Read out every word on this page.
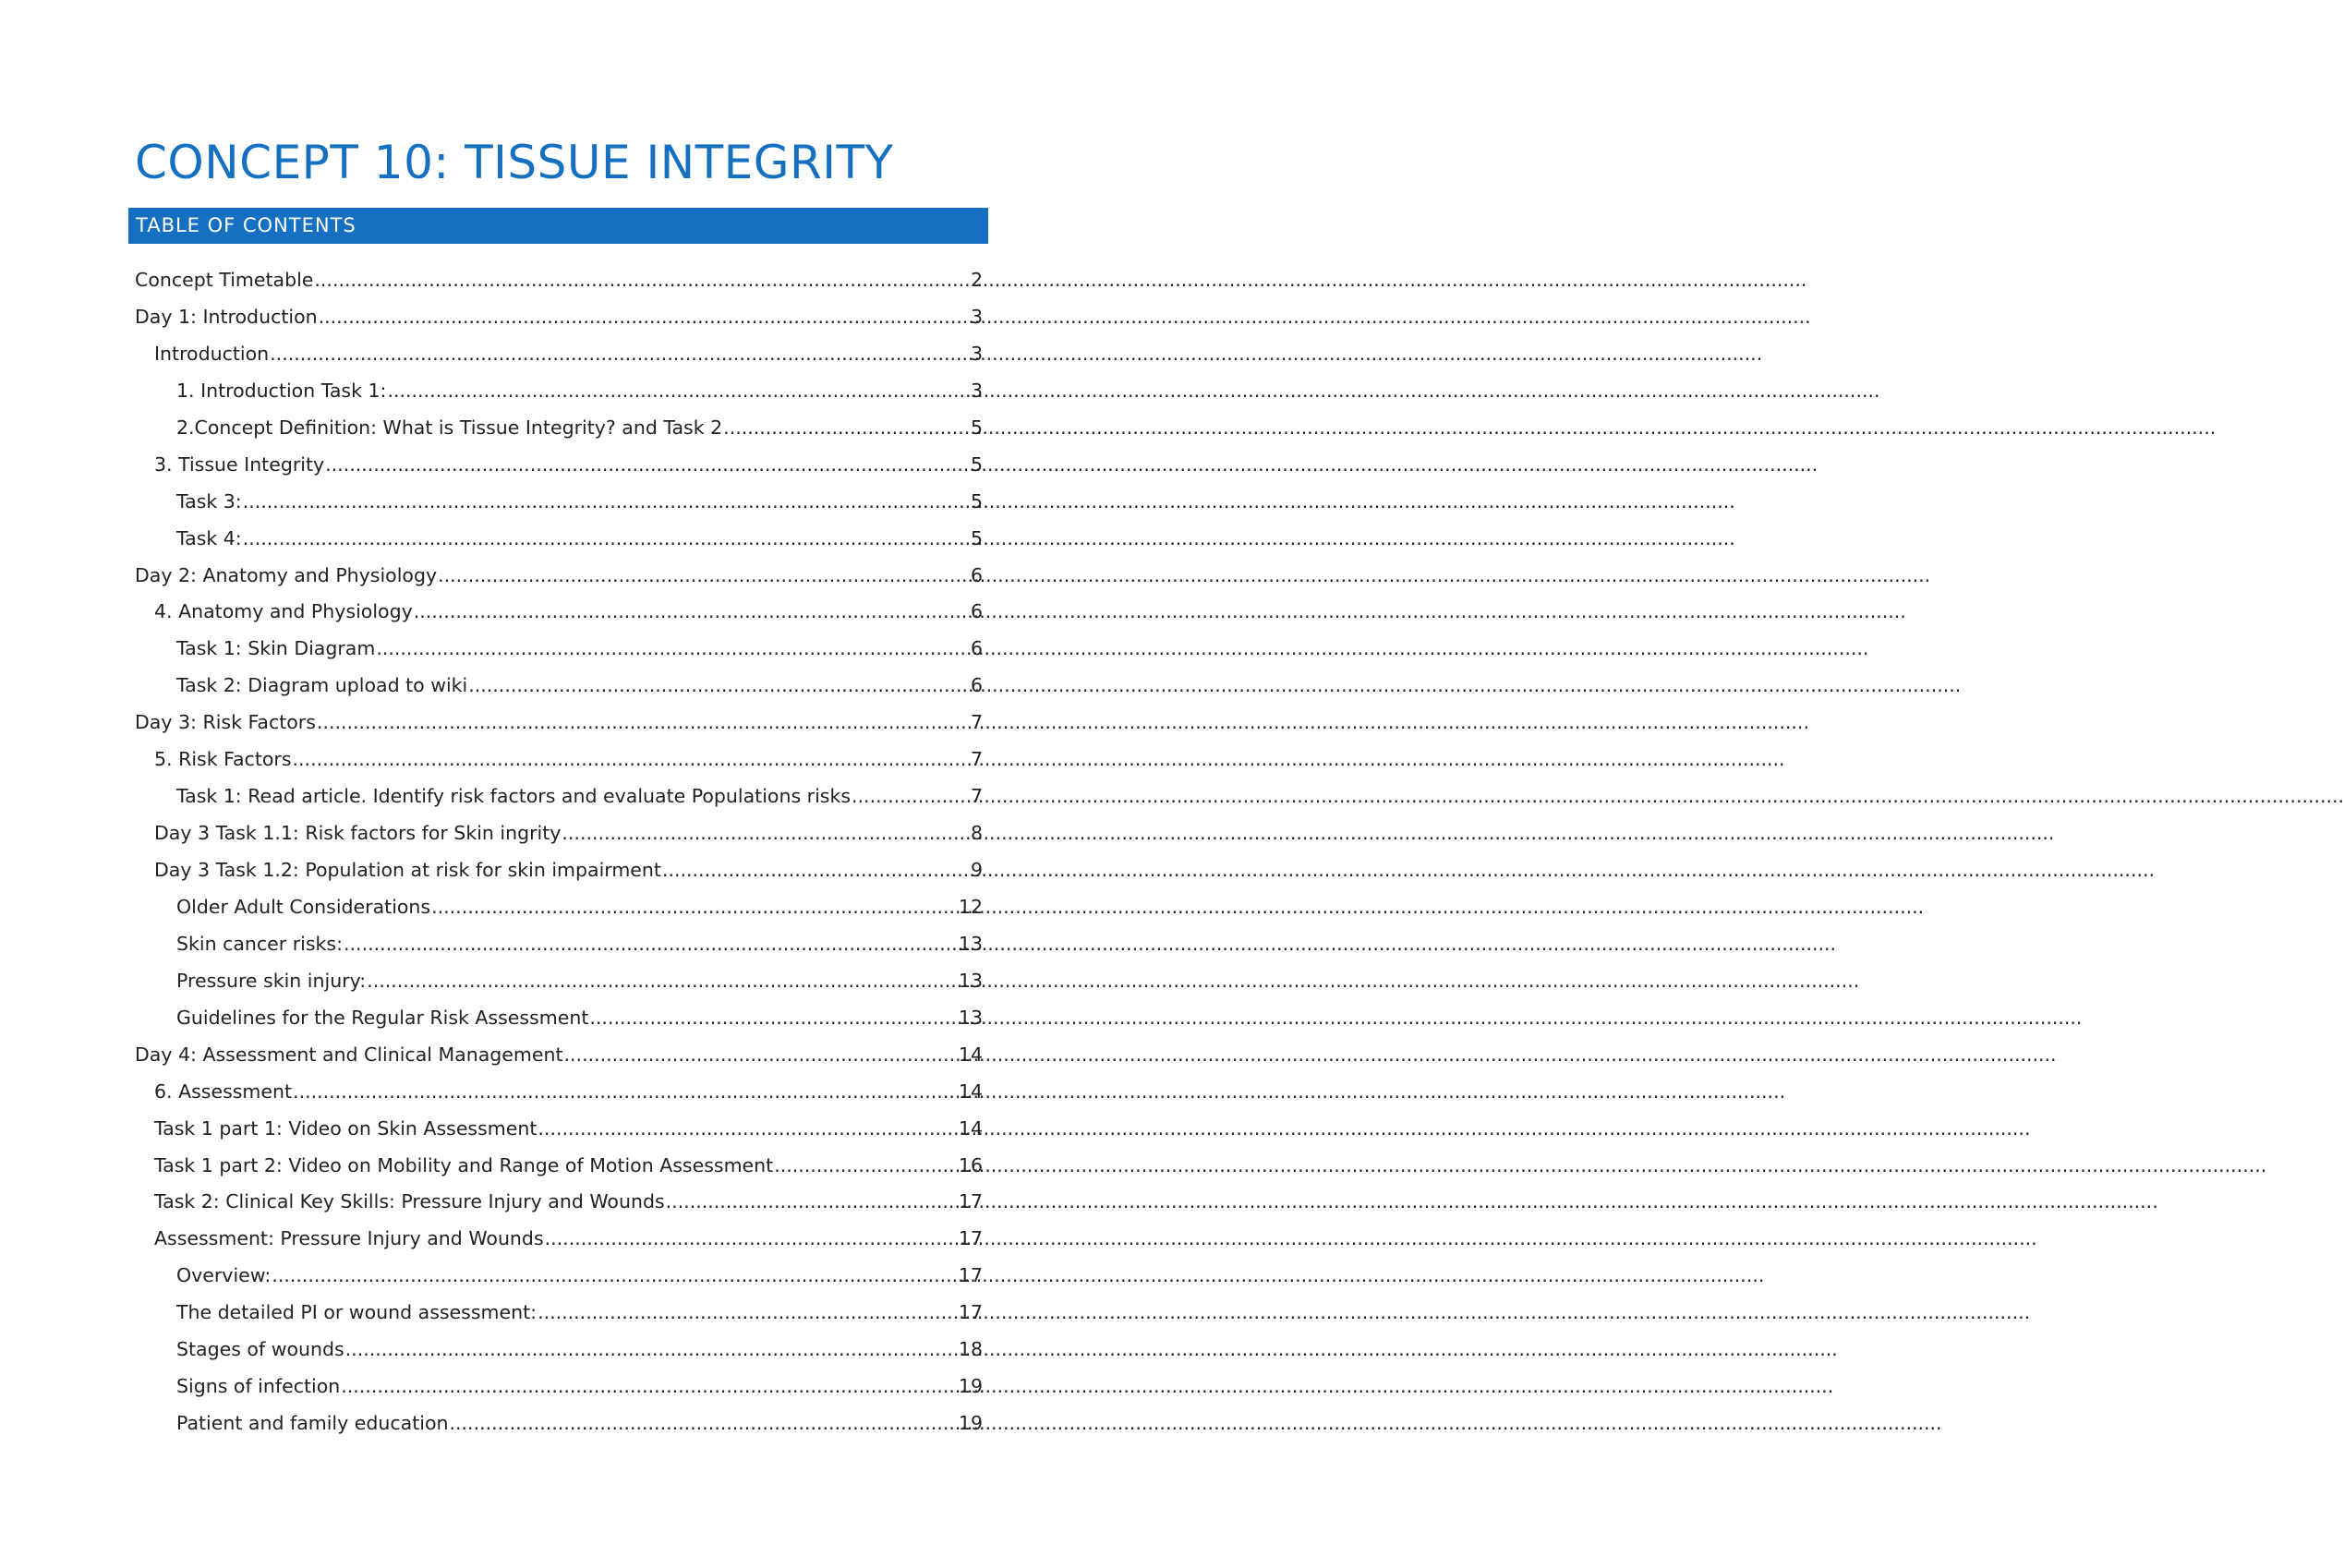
CONCEPT 10: TISSUE INTEGRITY
TABLE OF CONTENTS
Concept Timetable .....	2
Day 1: Introduction .....	3
Introduction .....	3
1. Introduction Task 1: .....	3
2.Concept Definition: What is Tissue Integrity? and Task 2 .....	5
3. Tissue Integrity .....	5
Task 3: .....	5
Task 4: .....	5
Day 2: Anatomy and Physiology .....	6
4. Anatomy and Physiology .....	6
Task 1: Skin Diagram .....	6
Task 2: Diagram upload to wiki .....	6
Day 3: Risk Factors .....	7
5. Risk Factors .....	7
Task 1: Read article. Identify risk factors and evaluate Populations risks .....	7
Day 3 Task 1.1: Risk factors for Skin ingrity .....	8
Day 3 Task 1.2: Population at risk for skin impairment .....	9
Older Adult Considerations .....	12
Skin cancer risks: .....	13
Pressure skin injury: .....	13
Guidelines for the Regular Risk Assessment .....	13
Day 4: Assessment and Clinical Management .....	14
6. Assessment .....	14
Task 1 part 1: Video on Skin Assessment .....	14
Task 1 part 2: Video on Mobility and Range of Motion Assessment .....	16
Task 2: Clinical Key Skills: Pressure Injury and Wounds .....	17
Assessment: Pressure Injury and Wounds .....	17
Overview: .....	17
The detailed PI or wound assessment: .....	17
Stages of wounds .....	18
Signs of infection .....	19
Patient and family education .....	19
